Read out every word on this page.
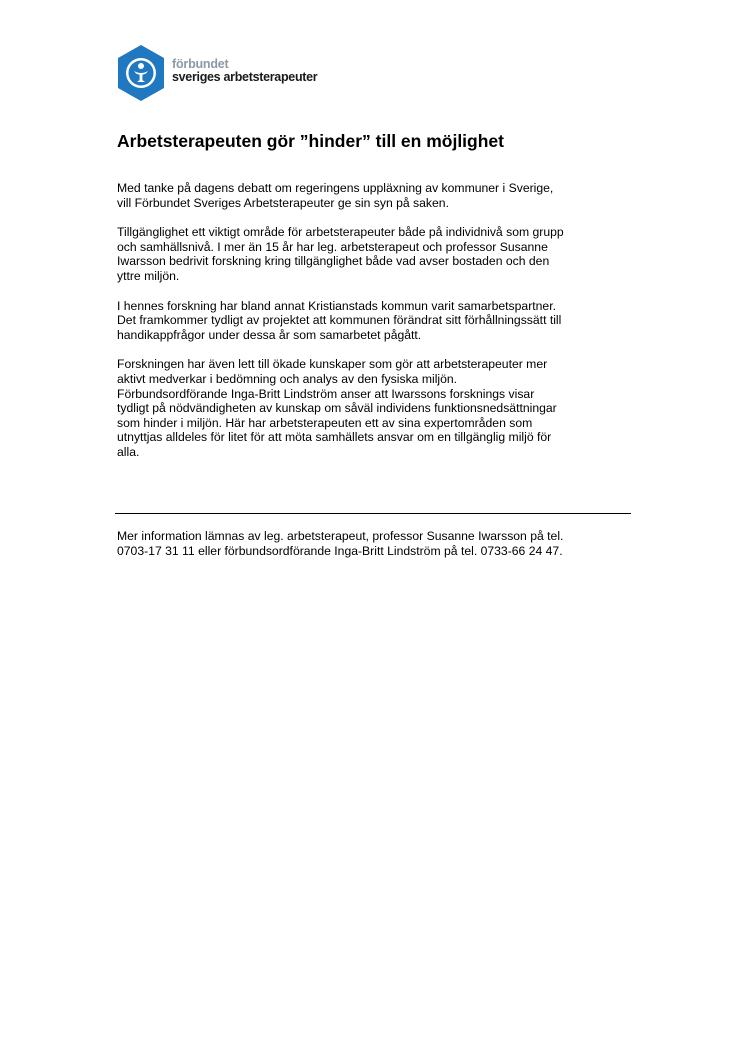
förbundet
sveriges arbetsterapeuter
Arbetsterapeuten gör ”hinder” till en möjlighet

Med tanke på dagens debatt om regeringens uppläxning av kommuner i Sverige,
vill Förbundet Sveriges Arbetsterapeuter ge sin syn på saken.

Tillgänglighet ett viktigt område för arbetsterapeuter både på individnivå som grupp
och samhällsnivå. I mer än 15 år har leg. arbetsterapeut och professor Susanne
Iwarsson bedrivit forskning kring tillgänglighet både vad avser bostaden och den
yttre miljön.

I hennes forskning har bland annat Kristianstads kommun varit samarbetspartner.
Det framkommer tydligt av projektet att kommunen förändrat sitt förhållningssätt till
handikappfrågor under dessa år som samarbetet pågått.

Forskningen har även lett till ökade kunskaper som gör att arbetsterapeuter mer
aktivt medverkar i bedömning och analys av den fysiska miljön.
Förbundsordförande Inga-Britt Lindström anser att Iwarssons forsknings visar
tydligt på nödvändigheten av kunskap om såväl individens funktionsnedsättningar
som hinder i miljön. Här har arbetsterapeuten ett av sina expertområden som
utnyttjas alldeles för litet för att möta samhällets ansvar om en tillgänglig miljö för
alla.

Mer information lämnas av leg. arbetsterapeut, professor Susanne Iwarsson på tel.
0703-17 31 11 eller förbundsordförande Inga-Britt Lindström på tel. 0733-66 24 47.
